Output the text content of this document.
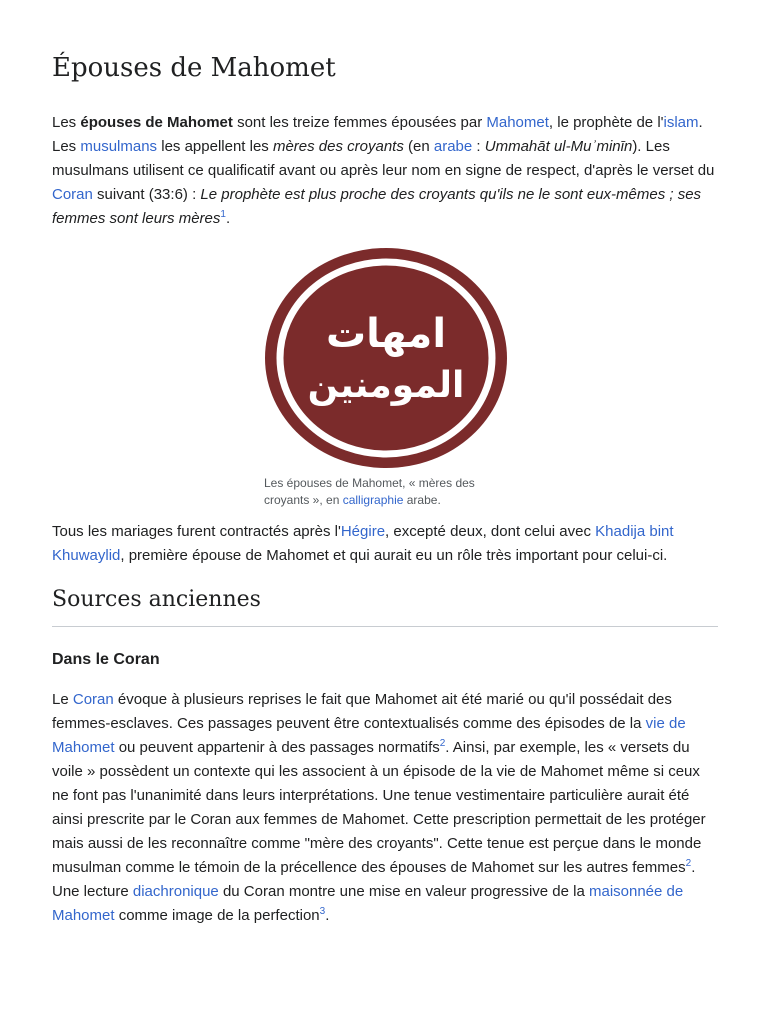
Épouses de Mahomet

Les épouses de Mahomet sont les treize femmes épousées par Mahomet, le prophète de l'islam. Les musulmans les appellent les mères des croyants (en arabe : Ummahāt ul-Muʾminīn). Les musulmans utilisent ce qualificatif avant ou après leur nom en signe de respect, d'après le verset du Coran suivant (33:6) : Le prophète est plus proche des croyants qu'ils ne le sont eux-mêmes ; ses femmes sont leurs mères$^1$.

امهات
المومنين
Les épouses de Mahomet, « mères des croyants », en calligraphie arabe.

Tous les mariages furent contractés après l'Hégire, excepté deux, dont celui avec Khadija bint Khuwaylid, première épouse de Mahomet et qui aurait eu un rôle très important pour celui-ci.

Sources anciennes
Dans le Coran

Le Coran évoque à plusieurs reprises le fait que Mahomet ait été marié ou qu'il possédait des femmes-esclaves. Ces passages peuvent être contextualisés comme des épisodes de la vie de Mahomet ou peuvent appartenir à des passages normatifs$^2$. Ainsi, par exemple, les « versets du voile » possèdent un contexte qui les associent à un épisode de la vie de Mahomet même si ceux ne font pas l'unanimité dans leurs interprétations. Une tenue vestimentaire particulière aurait été ainsi prescrite par le Coran aux femmes de Mahomet. Cette prescription permettait de les protéger mais aussi de les reconnaître comme "mère des croyants". Cette tenue est perçue dans le monde musulman comme le témoin de la précellence des épouses de Mahomet sur les autres femmes$^2$. Une lecture diachronique du Coran montre une mise en valeur progressive de la maisonnée de Mahomet comme image de la perfection$^3$.
